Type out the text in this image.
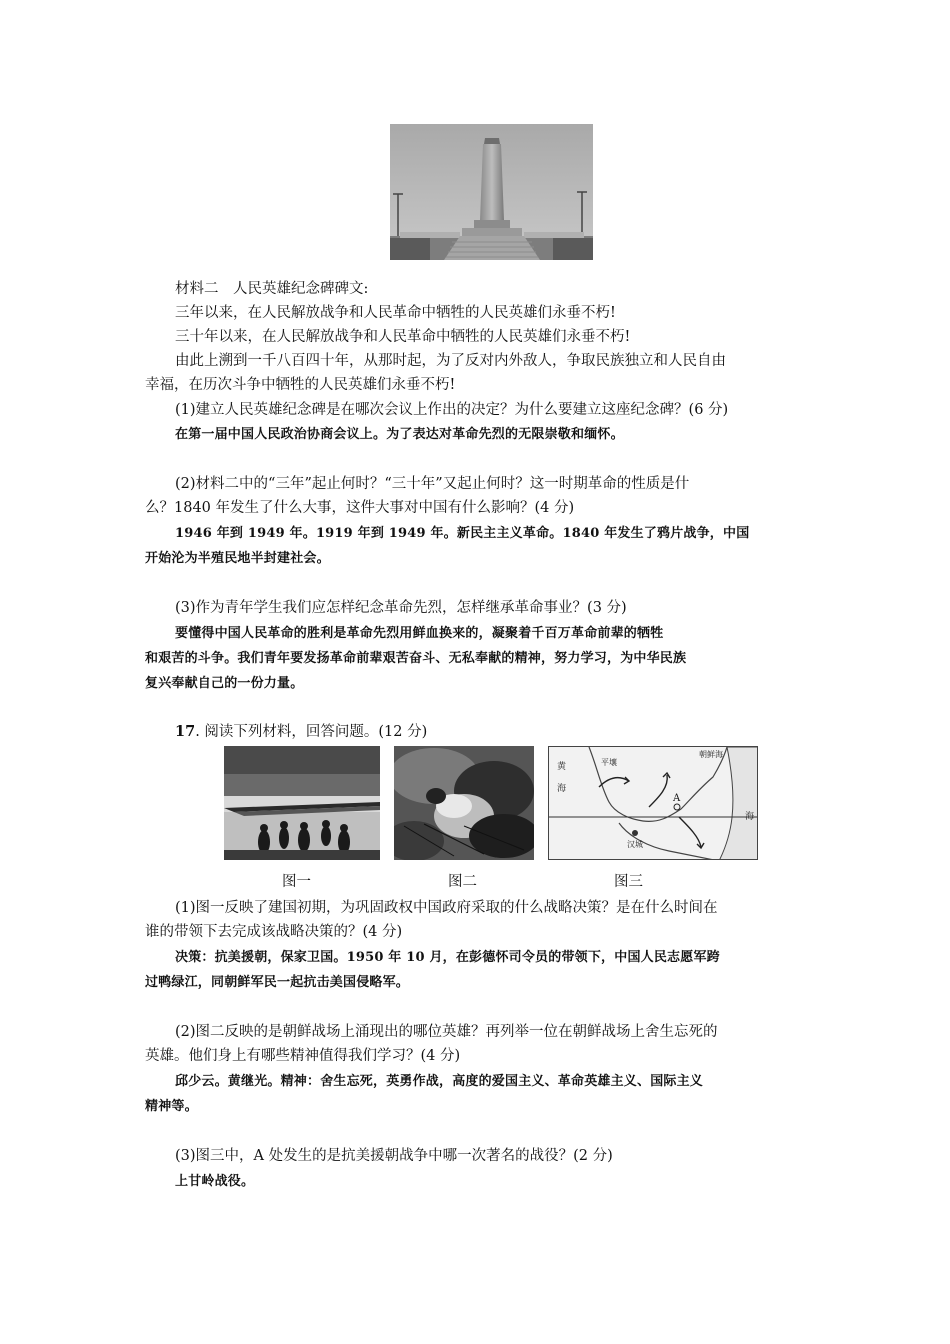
材料二　人民英雄纪念碑碑文:
三年以来，在人民解放战争和人民革命中牺牲的人民英雄们永垂不朽!
三十年以来，在人民解放战争和人民革命中牺牲的人民英雄们永垂不朽!
由此上溯到一千八百四十年，从那时起，为了反对内外敌人，争取民族独立和人民自由
幸福，在历次斗争中牺牲的人民英雄们永垂不朽!
(1)建立人民英雄纪念碑是在哪次会议上作出的决定？为什么要建立这座纪念碑？(6 分)
在第一届中国人民政治协商会议上。为了表达对革命先烈的无限崇敬和缅怀。
(2)材料二中的“三年”起止何时？“三十年”又起止何时？这一时期革命的性质是什
么？1840 年发生了什么大事，这件大事对中国有什么影响？(4 分)
1946 年到 1949 年。1919 年到 1949 年。新民主主义革命。1840 年发生了鸦片战争，中国
开始沦为半殖民地半封建社会。
(3)作为青年学生我们应怎样纪念革命先烈，怎样继承革命事业？(3 分)
要懂得中国人民革命的胜利是革命先烈用鲜血换来的，凝聚着千百万革命前辈的牺牲
和艰苦的斗争。我们青年要发扬革命前辈艰苦奋斗、无私奉献的精神，努力学习，为中华民族
复兴奉献自己的一份力量。
17. 阅读下列材料，回答问题。(12 分)
黄
海
海
平壤
A
汉城
朝鲜海
图一	图二	图三
(1)图一反映了建国初期，为巩固政权中国政府采取的什么战略决策？是在什么时间在
谁的带领下去完成该战略决策的？(4 分)
决策：抗美援朝，保家卫国。1950 年 10 月，在彭德怀司令员的带领下，中国人民志愿军跨
过鸭绿江，同朝鲜军民一起抗击美国侵略军。
(2)图二反映的是朝鲜战场上涌现出的哪位英雄？再列举一位在朝鲜战场上舍生忘死的
英雄。他们身上有哪些精神值得我们学习？(4 分)
邱少云。黄继光。精神：舍生忘死，英勇作战，高度的爱国主义、革命英雄主义、国际主义
精神等。
(3)图三中，A 处发生的是抗美援朝战争中哪一次著名的战役？(2 分)
上甘岭战役。
